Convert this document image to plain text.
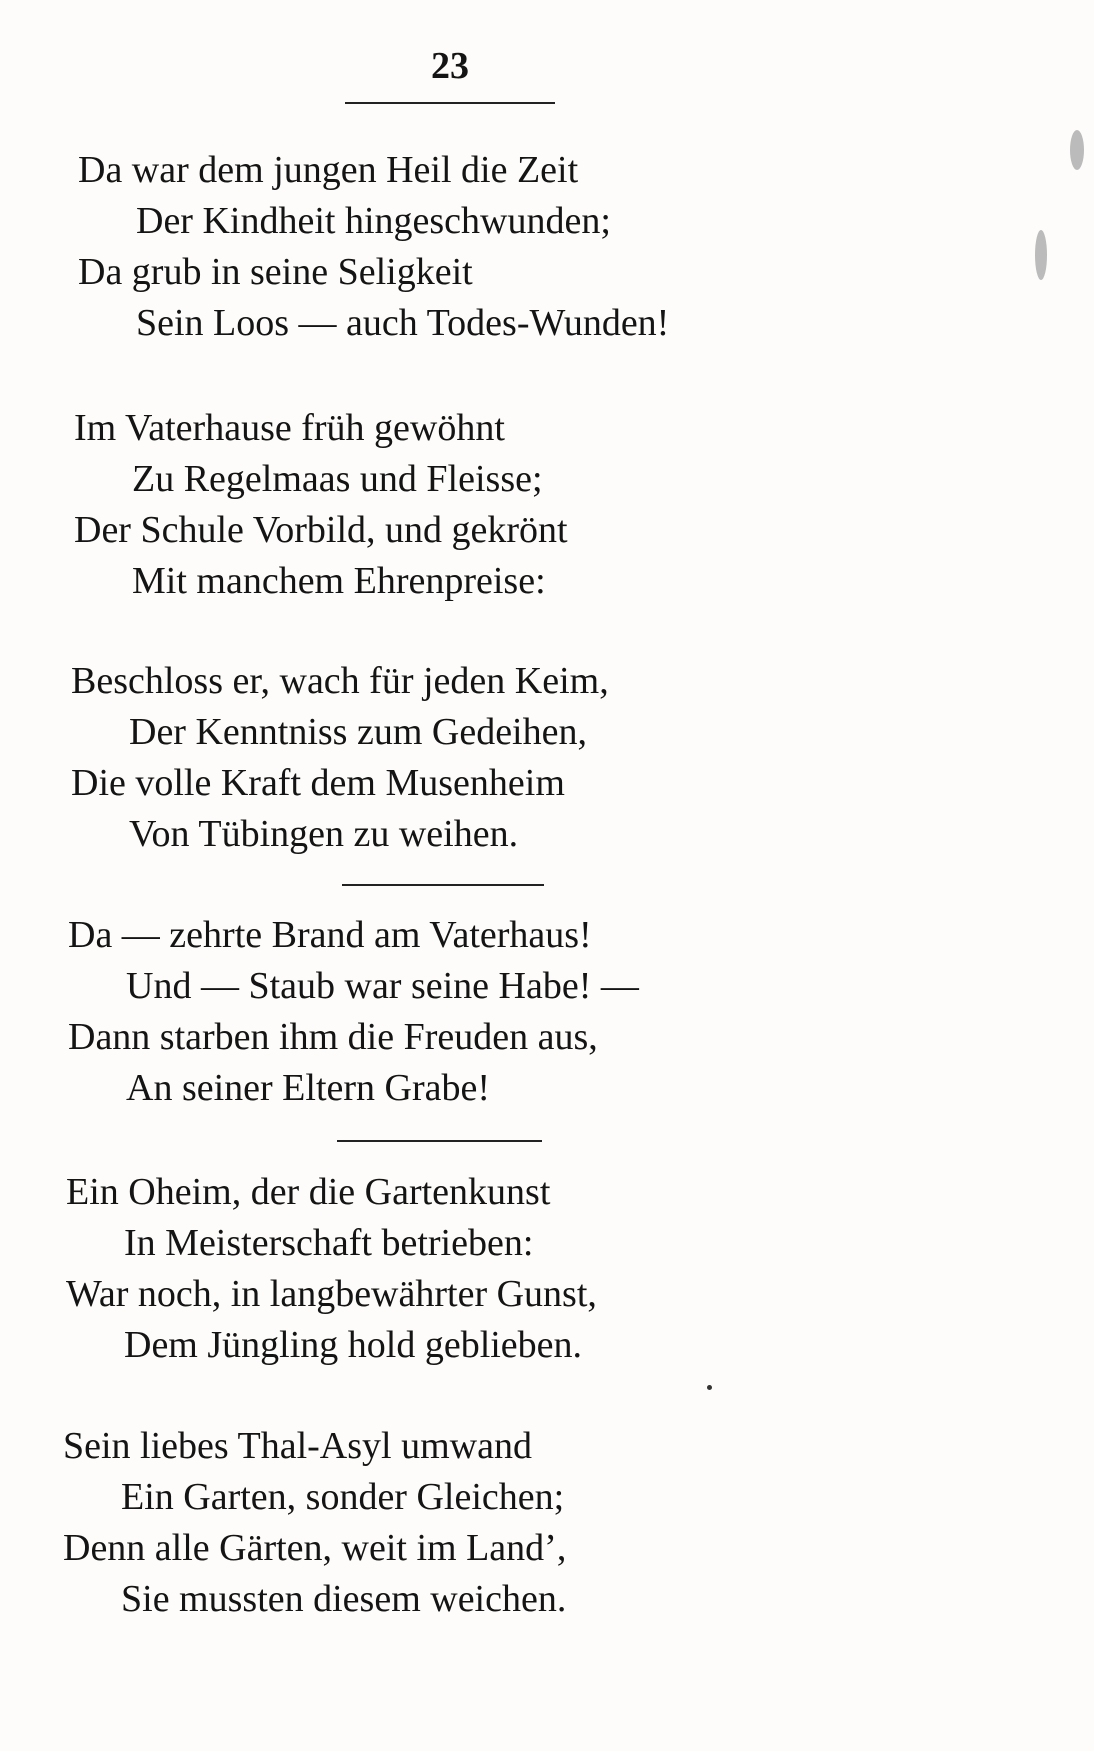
23
Da war dem jungen Heil die Zeit
Der Kindheit hingeschwunden;
Da grub in seine Seligkeit
Sein Loos — auch Todes-Wunden!
Im Vaterhause früh gewöhnt
Zu Regelmaas und Fleisse;
Der Schule Vorbild, und gekrönt
Mit manchem Ehrenpreise:
Beschloss er, wach für jeden Keim,
Der Kenntniss zum Gedeihen,
Die volle Kraft dem Musenheim
Von Tübingen zu weihen.
Da — zehrte Brand am Vaterhaus!
Und — Staub war seine Habe! —
Dann starben ihm die Freuden aus,
An seiner Eltern Grabe!
Ein Oheim, der die Gartenkunst
In Meisterschaft betrieben:
War noch, in langbewährter Gunst,
Dem Jüngling hold geblieben.
Sein liebes Thal-Asyl umwand
Ein Garten, sonder Gleichen;
Denn alle Gärten, weit im Land’,
Sie mussten diesem weichen.
